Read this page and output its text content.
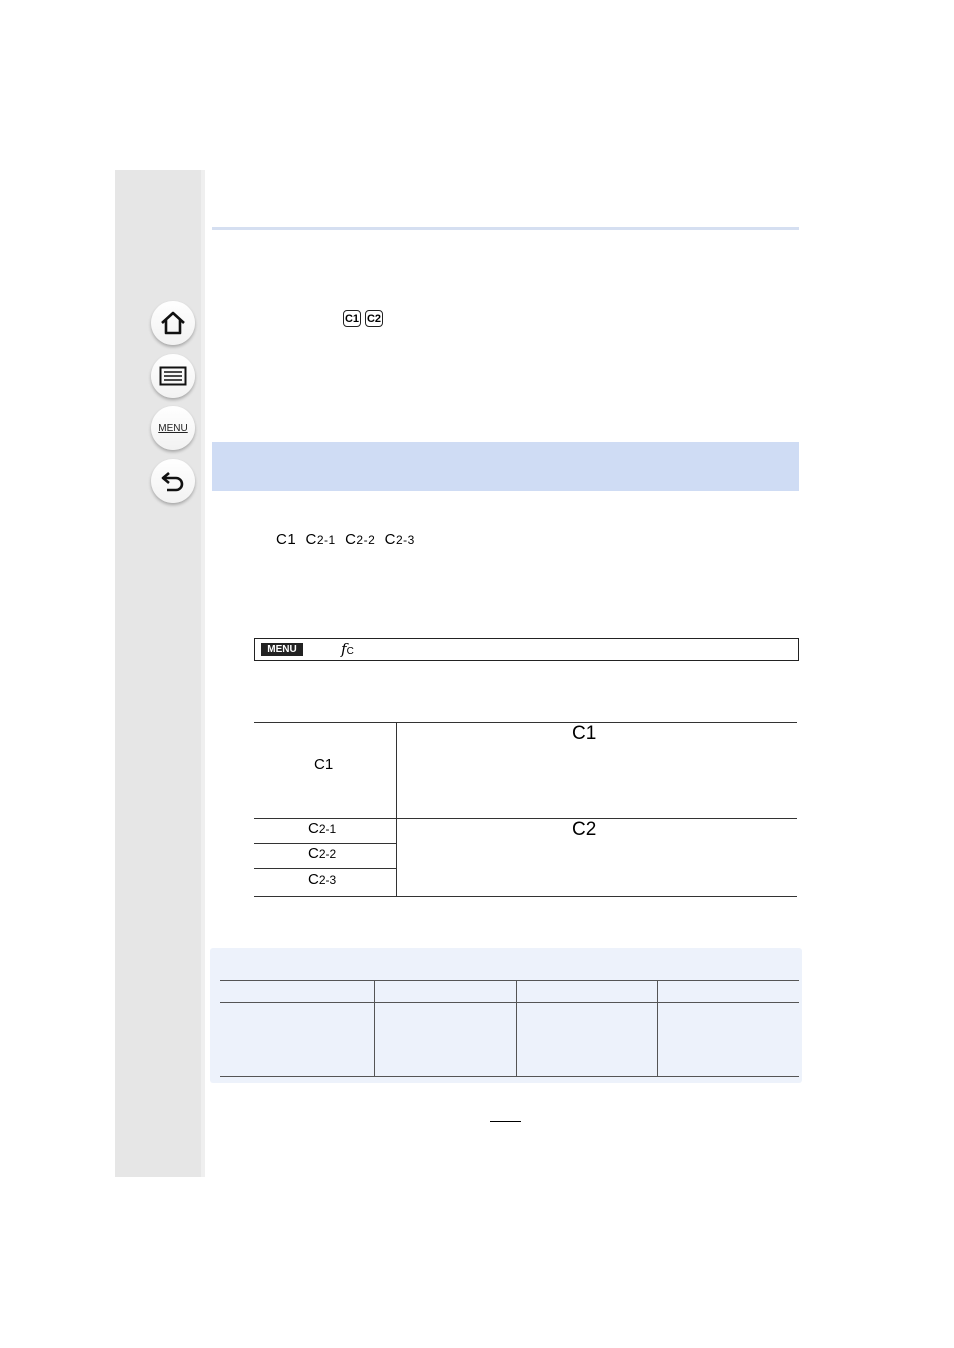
MENU
C1 C2
C1 C2-1 C2-2 C2-3
MENU	fC
C1
C1
C2-1
C2-2
C2-3
C2
